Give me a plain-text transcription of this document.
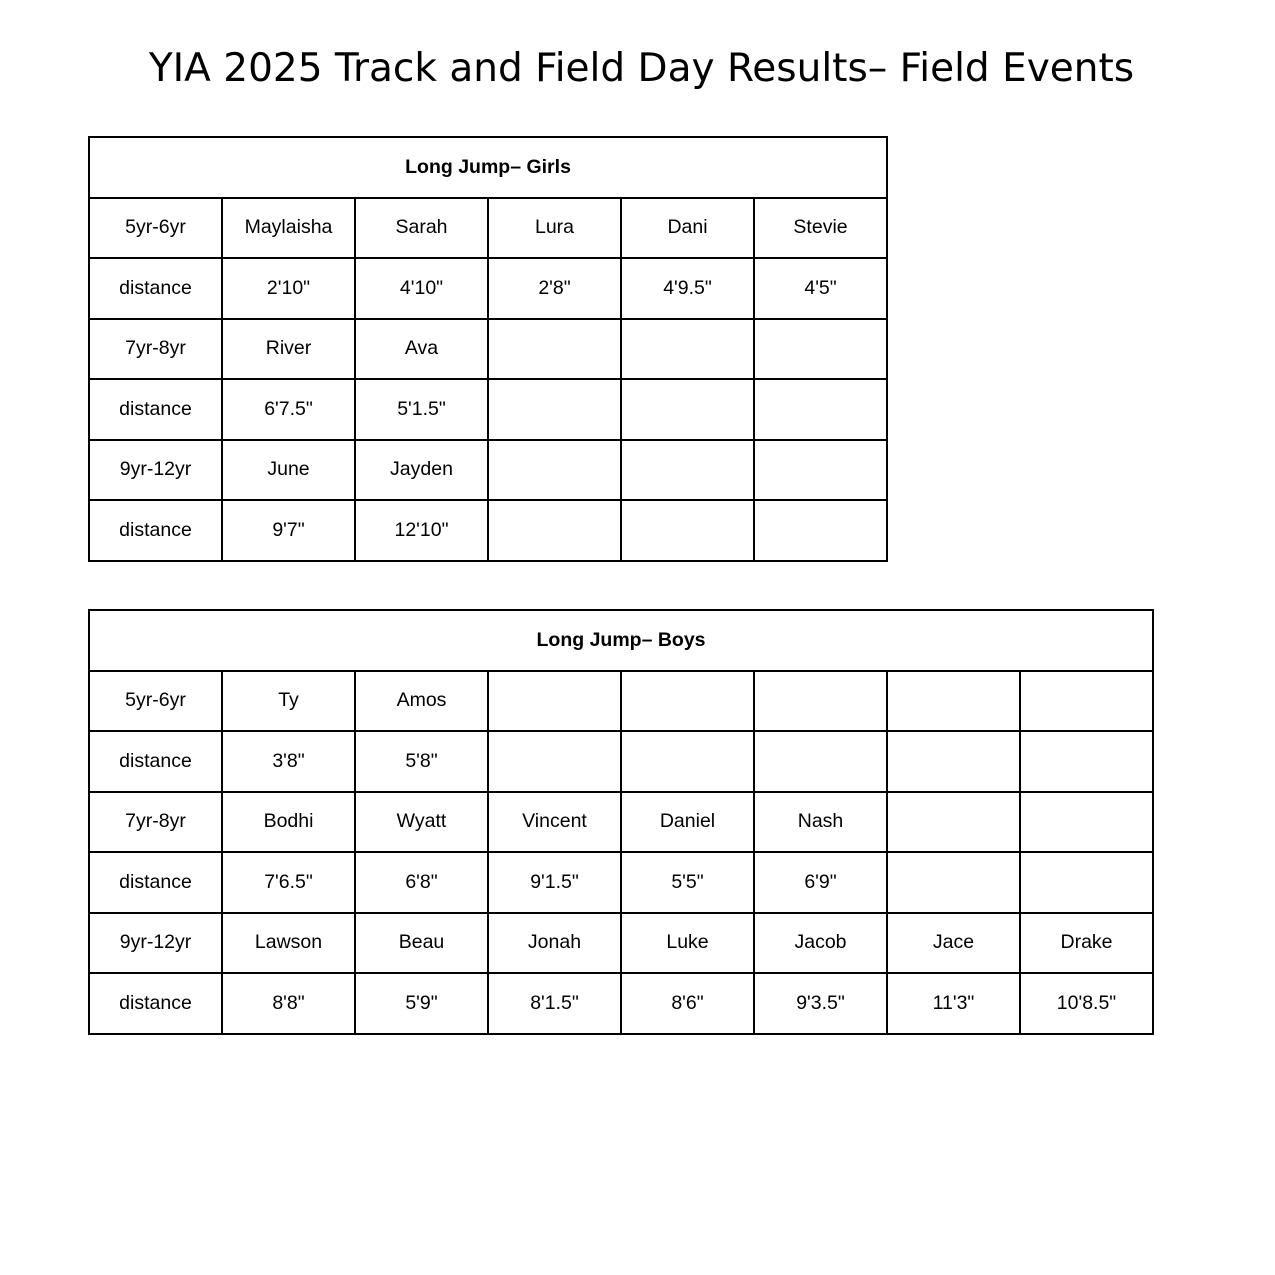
YIA 2025 Track and Field Day Results– Field Events
Long Jump– Girls					
5yr-6yr	Maylaisha	Sarah	Lura	Dani	Stevie
distance	2'10"	4'10"	2'8"	4'9.5"	4'5"
7yr-8yr	River	Ava			
distance	6'7.5"	5'1.5"			
9yr-12yr	June	Jayden			
distance	9'7"	12'10"			
Long Jump– Boys							
5yr-6yr	Ty	Amos					
distance	3'8"	5'8"					
7yr-8yr	Bodhi	Wyatt	Vincent	Daniel	Nash		
distance	7'6.5"	6'8"	9'1.5"	5'5"	6'9"		
9yr-12yr	Lawson	Beau	Jonah	Luke	Jacob	Jace	Drake
distance	8'8"	5'9"	8'1.5"	8'6"	9'3.5"	11'3"	10'8.5"
